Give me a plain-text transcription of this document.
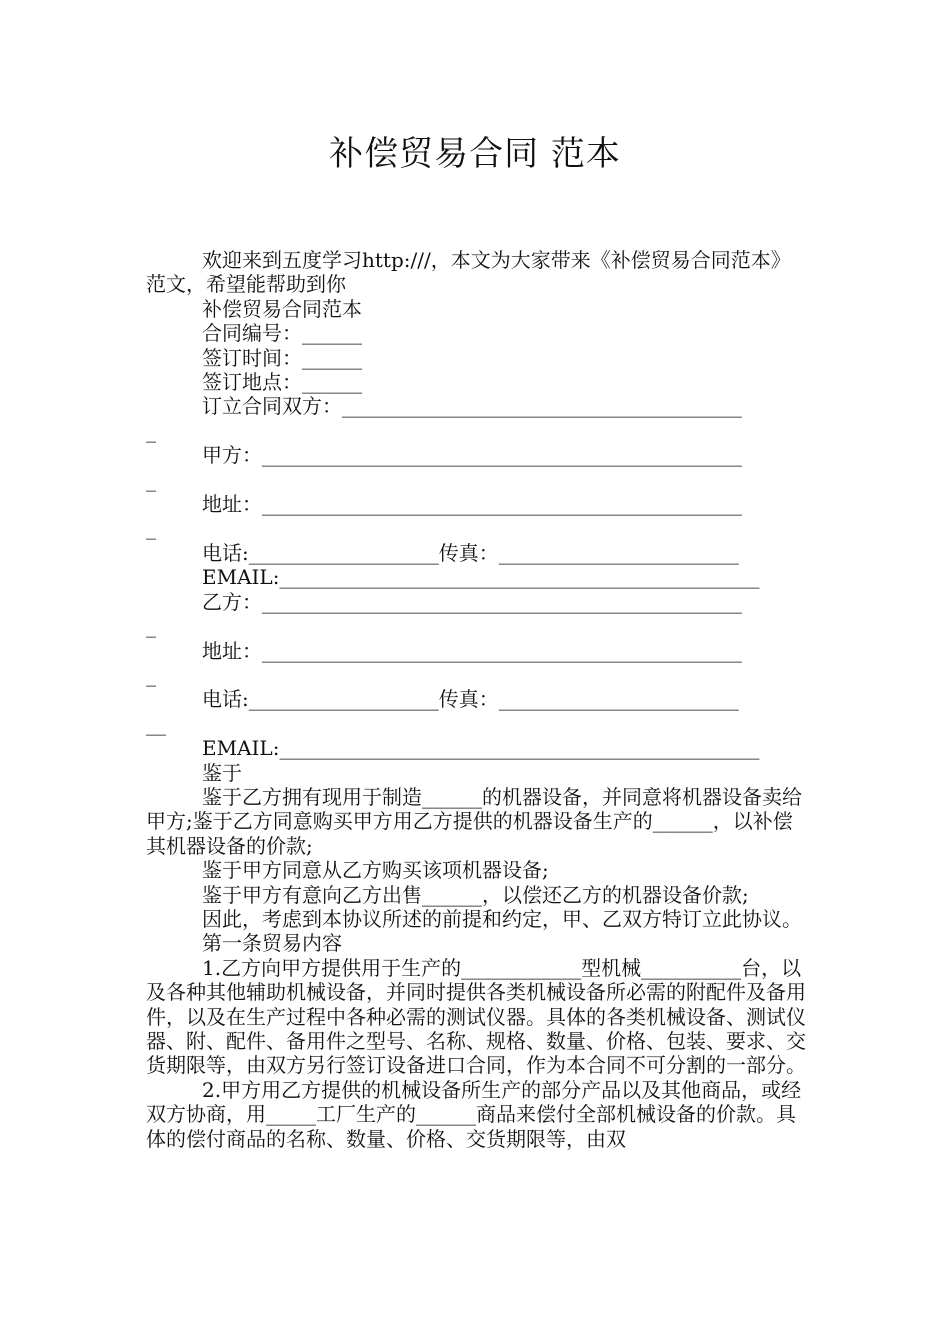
补偿贸易合同 范本

欢迎来到五度学习http:///，本文为大家带来《补偿贸易合同范本》范文，希望能帮助到你

补偿贸易合同范本

合同编号：______

签订时间：______

签订地点：______

订立合同双方：________________________________________

_

甲方：________________________________________________

_

地址：________________________________________________

_

电话:___________________传真：________________________

EMAIL:________________________________________________

乙方：________________________________________________

_

地址：________________________________________________

_

电话:___________________传真：________________________

__

EMAIL:________________________________________________

鉴于

鉴于乙方拥有现用于制造______的机器设备，并同意将机器设备卖给甲方;鉴于乙方同意购买甲方用乙方提供的机器设备生产的______，以补偿其机器设备的价款;

鉴于甲方同意从乙方购买该项机器设备;

鉴于甲方有意向乙方出售______，以偿还乙方的机器设备价款;

因此，考虑到本协议所述的前提和约定，甲、乙双方特订立此协议。

第一条贸易内容

1.乙方向甲方提供用于生产的____________型机械__________台，以及各种其他辅助机械设备，并同时提供各类机械设备所必需的附配件及备用件，以及在生产过程中各种必需的测试仪器。具体的各类机械设备、测试仪器、附、配件、备用件之型号、名称、规格、数量、价格、包装、要求、交货期限等，由双方另行签订设备进口合同，作为本合同不可分割的一部分。

2.甲方用乙方提供的机械设备所生产的部分产品以及其他商品，或经双方协商，用_____工厂生产的______商品来偿付全部机械设备的价款。具体的偿付商品的名称、数量、价格、交货期限等，由双
